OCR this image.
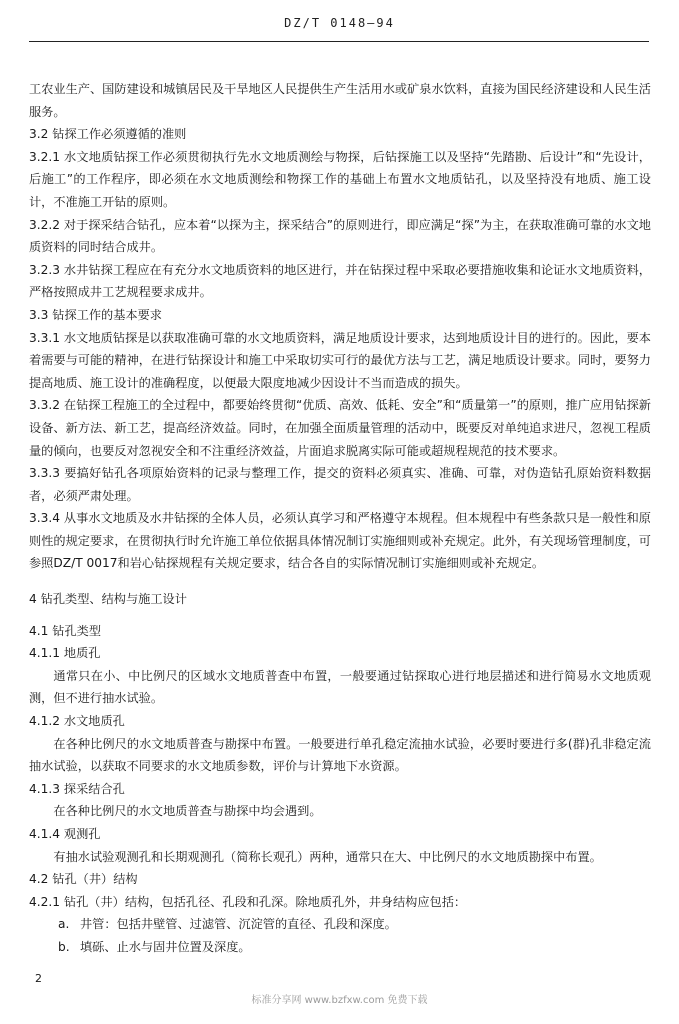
DZ/T 0148—94

工农业生产、国防建设和城镇居民及干旱地区人民提供生产生活用水或矿泉水饮料，直接为国民经济建设和人民生活服务。

3.2 钻探工作必须遵循的准则

3.2.1 水文地质钻探工作必须贯彻执行先水文地质测绘与物探，后钻探施工以及坚持“先踏勘、后设计”和“先设计，后施工”的工作程序，即必须在水文地质测绘和物探工作的基础上布置水文地质钻孔，以及坚持没有地质、施工设计，不准施工开钻的原则。

3.2.2 对于探采结合钻孔，应本着“以探为主，探采结合”的原则进行，即应满足“探”为主，在获取准确可靠的水文地质资料的同时结合成井。

3.2.3 水井钻探工程应在有充分水文地质资料的地区进行，并在钻探过程中采取必要措施收集和论证水文地质资料，严格按照成井工艺规程要求成井。

3.3 钻探工作的基本要求

3.3.1 水文地质钻探是以获取准确可靠的水文地质资料，满足地质设计要求，达到地质设计目的进行的。因此，要本着需要与可能的精神，在进行钻探设计和施工中采取切实可行的最优方法与工艺，满足地质设计要求。同时，要努力提高地质、施工设计的准确程度，以便最大限度地减少因设计不当而造成的损失。

3.3.2 在钻探工程施工的全过程中，都要始终贯彻“优质、高效、低耗、安全”和“质量第一”的原则，推广应用钻探新设备、新方法、新工艺，提高经济效益。同时，在加强全面质量管理的活动中，既要反对单纯追求进尺，忽视工程质量的倾向，也要反对忽视安全和不注重经济效益，片面追求脱离实际可能或超规程规范的技术要求。

3.3.3 要搞好钻孔各项原始资料的记录与整理工作，提交的资料必须真实、准确、可靠，对伪造钻孔原始资料数据者，必须严肃处理。

3.3.4 从事水文地质及水井钻探的全体人员，必须认真学习和严格遵守本规程。但本规程中有些条款只是一般性和原则性的规定要求，在贯彻执行时允许施工单位依据具体情况制订实施细则或补充规定。此外，有关现场管理制度，可参照DZ/T 0017和岩心钻探规程有关规定要求，结合各自的实际情况制订实施细则或补充规定。

4 钻孔类型、结构与施工设计

4.1 钻孔类型

4.1.1 地质孔

通常只在小、中比例尺的区域水文地质普查中布置，一般要通过钻探取心进行地层描述和进行简易水文地质观测，但不进行抽水试验。

4.1.2 水文地质孔

在各种比例尺的水文地质普查与勘探中布置。一般要进行单孔稳定流抽水试验，必要时要进行多(群)孔非稳定流抽水试验，以获取不同要求的水文地质参数，评价与计算地下水资源。

4.1.3 探采结合孔

在各种比例尺的水文地质普查与勘探中均会遇到。

4.1.4 观测孔

有抽水试验观测孔和长期观测孔（简称长观孔）两种，通常只在大、中比例尺的水文地质勘探中布置。

4.2 钻孔（井）结构

4.2.1 钻孔（井）结构，包括孔径、孔段和孔深。除地质孔外，井身结构应包括：

a. 井管：包括井壁管、过滤管、沉淀管的直径、孔段和深度。

b. 填砾、止水与固井位置及深度。

2
标准分享网 www.bzfxw.com 免费下载
